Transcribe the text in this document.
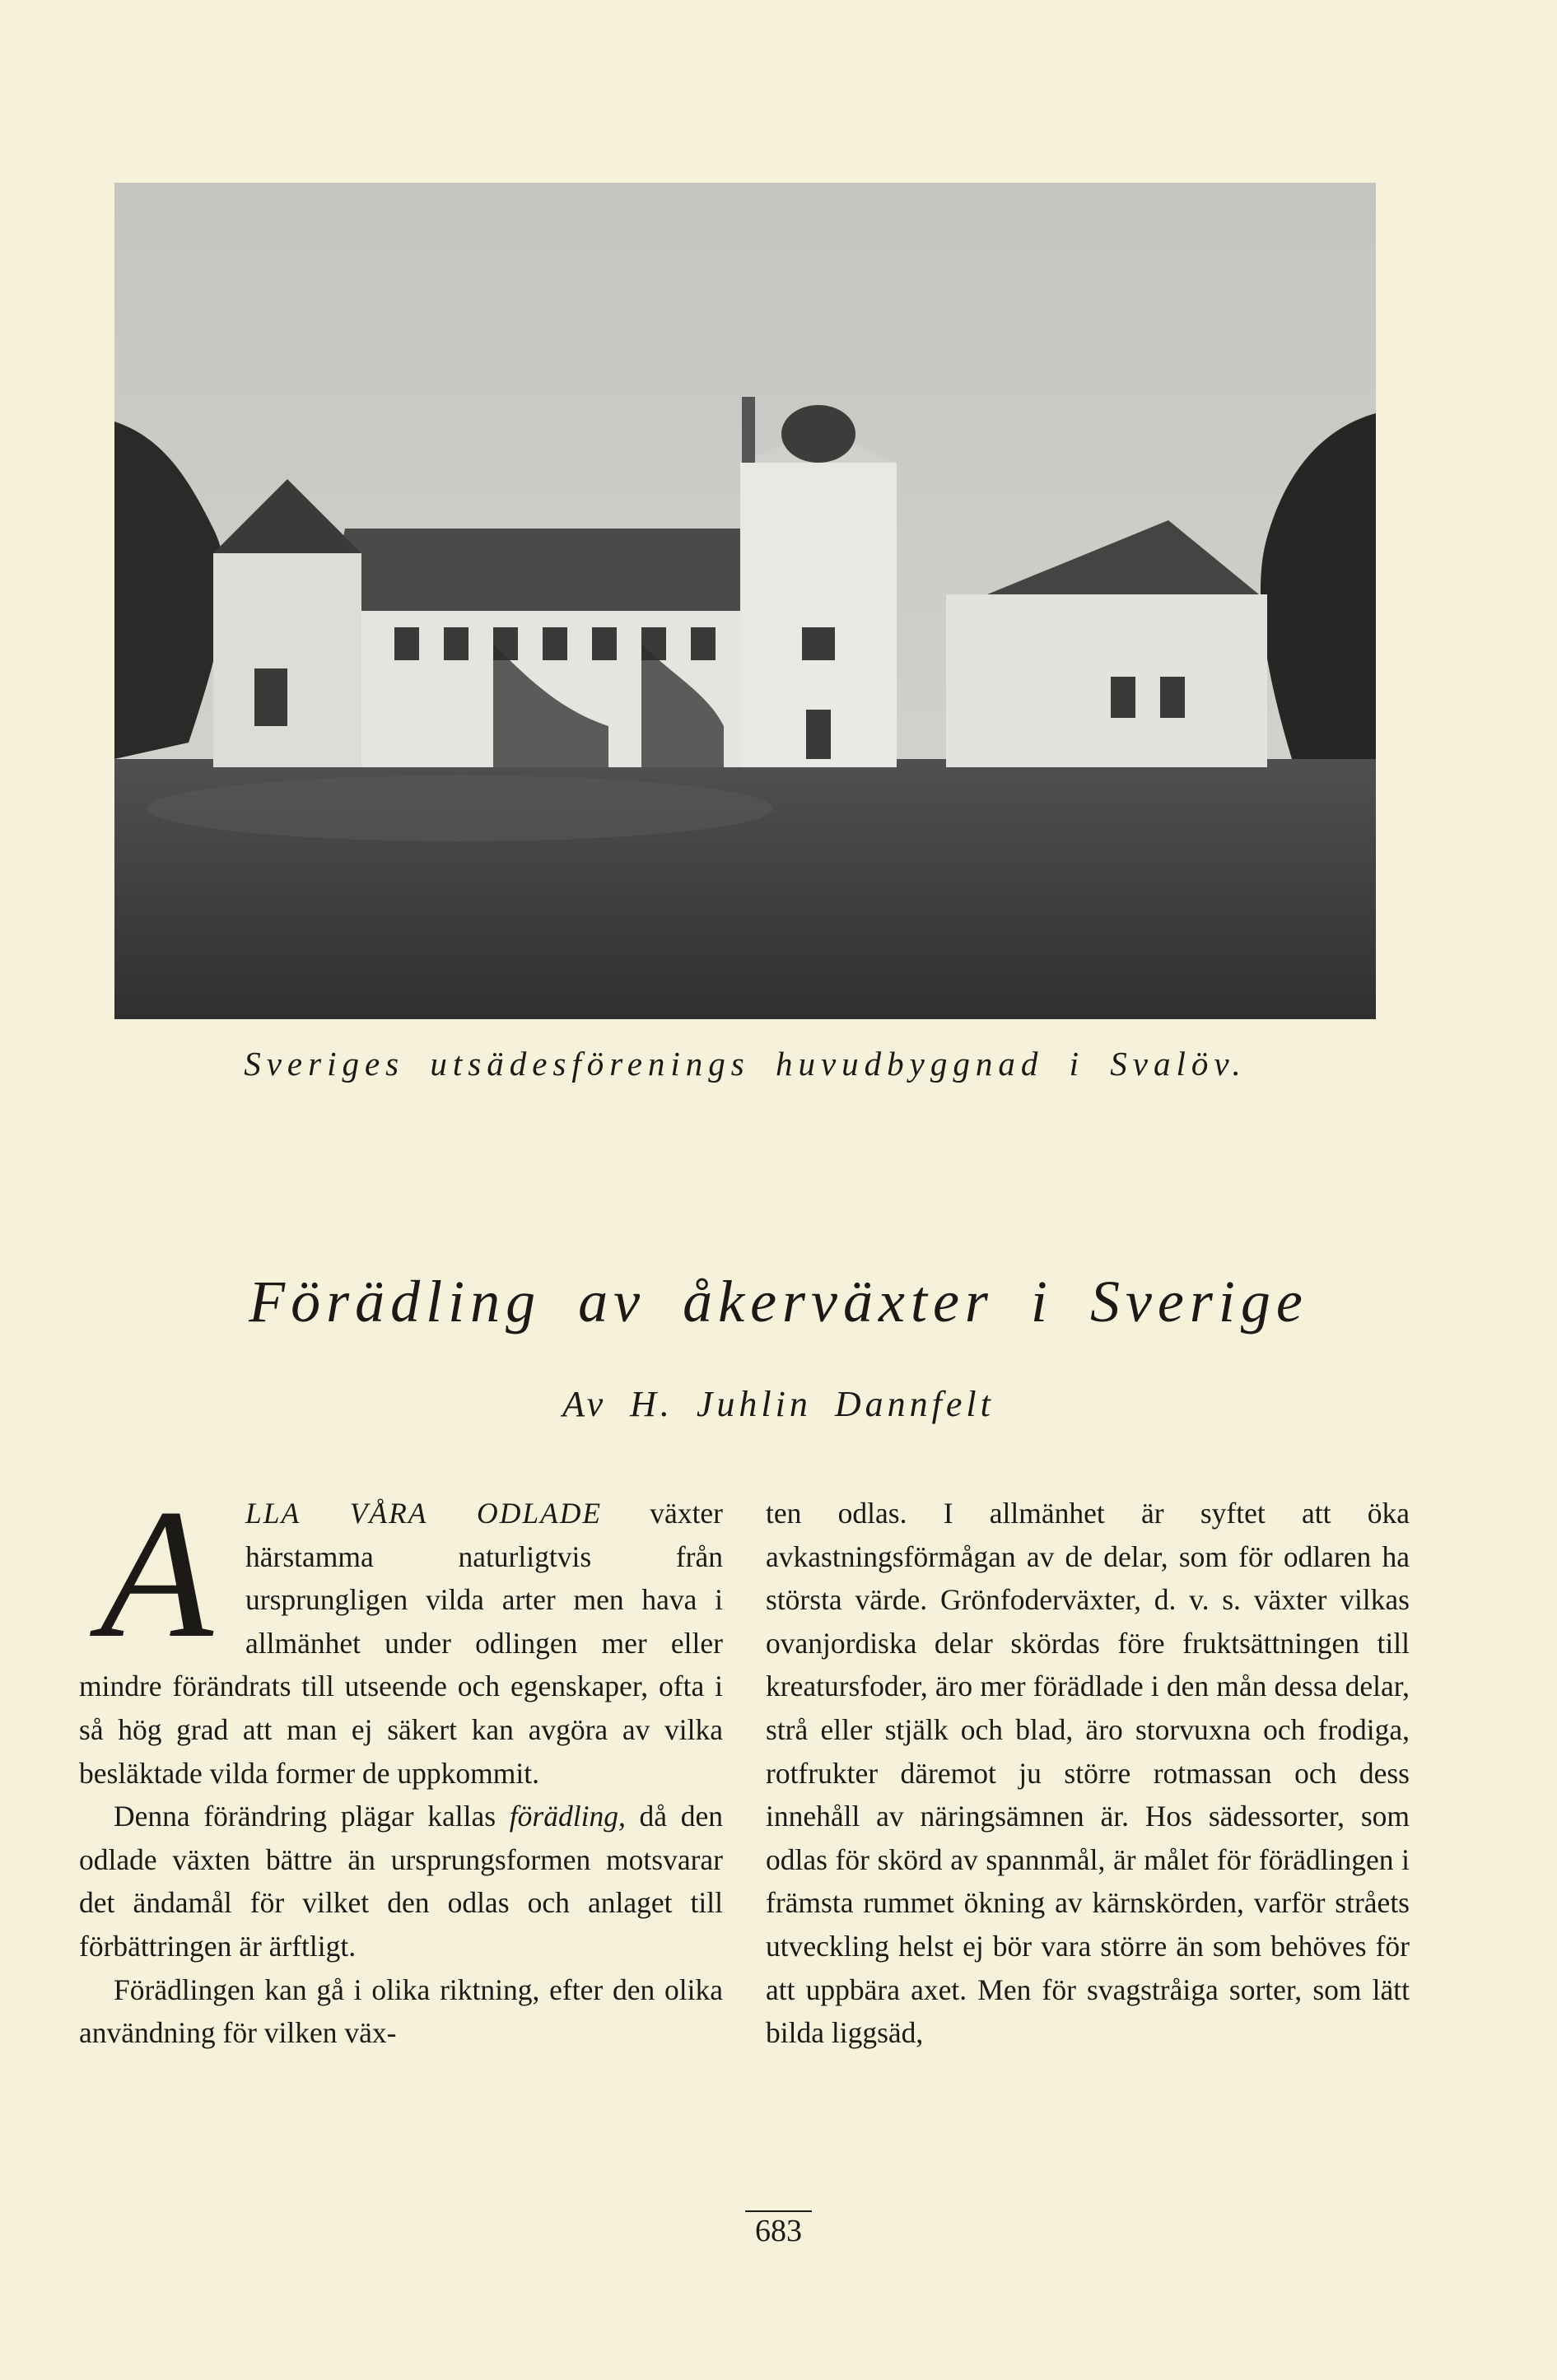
Sveriges utsädesförenings huvudbyggnad i Svalöv.
Förädling av åkerväxter i Sverige
Av H. Juhlin Dannfelt

A	LLA VÅRA ODLADE växter härstamma naturligtvis från ursprungligen vilda arter men hava i allmänhet under odlingen mer eller mindre förändrats till utseende och egenskaper, ofta i så hög grad att man ej säkert kan avgöra av vilka besläktade vilda former de uppkommit.

Denna förändring plägar kallas förädling, då den odlade växten bättre än ursprungsformen motsvarar det ändamål för vilket den odlas och anlaget till förbättringen är ärftligt.

Förädlingen kan gå i olika riktning, efter den olika användning för vilken väx-

ten odlas. I allmänhet är syftet att öka avkastningsförmågan av de delar, som för odlaren ha största värde. Grönfoderväxter, d. v. s. växter vilkas ovanjordiska delar skördas före fruktsättningen till kreatursfoder, äro mer förädlade i den mån dessa delar, strå eller stjälk och blad, äro storvuxna och frodiga, rotfrukter däremot ju större rotmassan och dess innehåll av näringsämnen är. Hos sädessorter, som odlas för skörd av spannmål, är målet för förädlingen i främsta rummet ökning av kärnskörden, varför stråets utveckling helst ej bör vara större än som behöves för att uppbära axet. Men för svagstråiga sorter, som lätt bilda liggsäd,

683
